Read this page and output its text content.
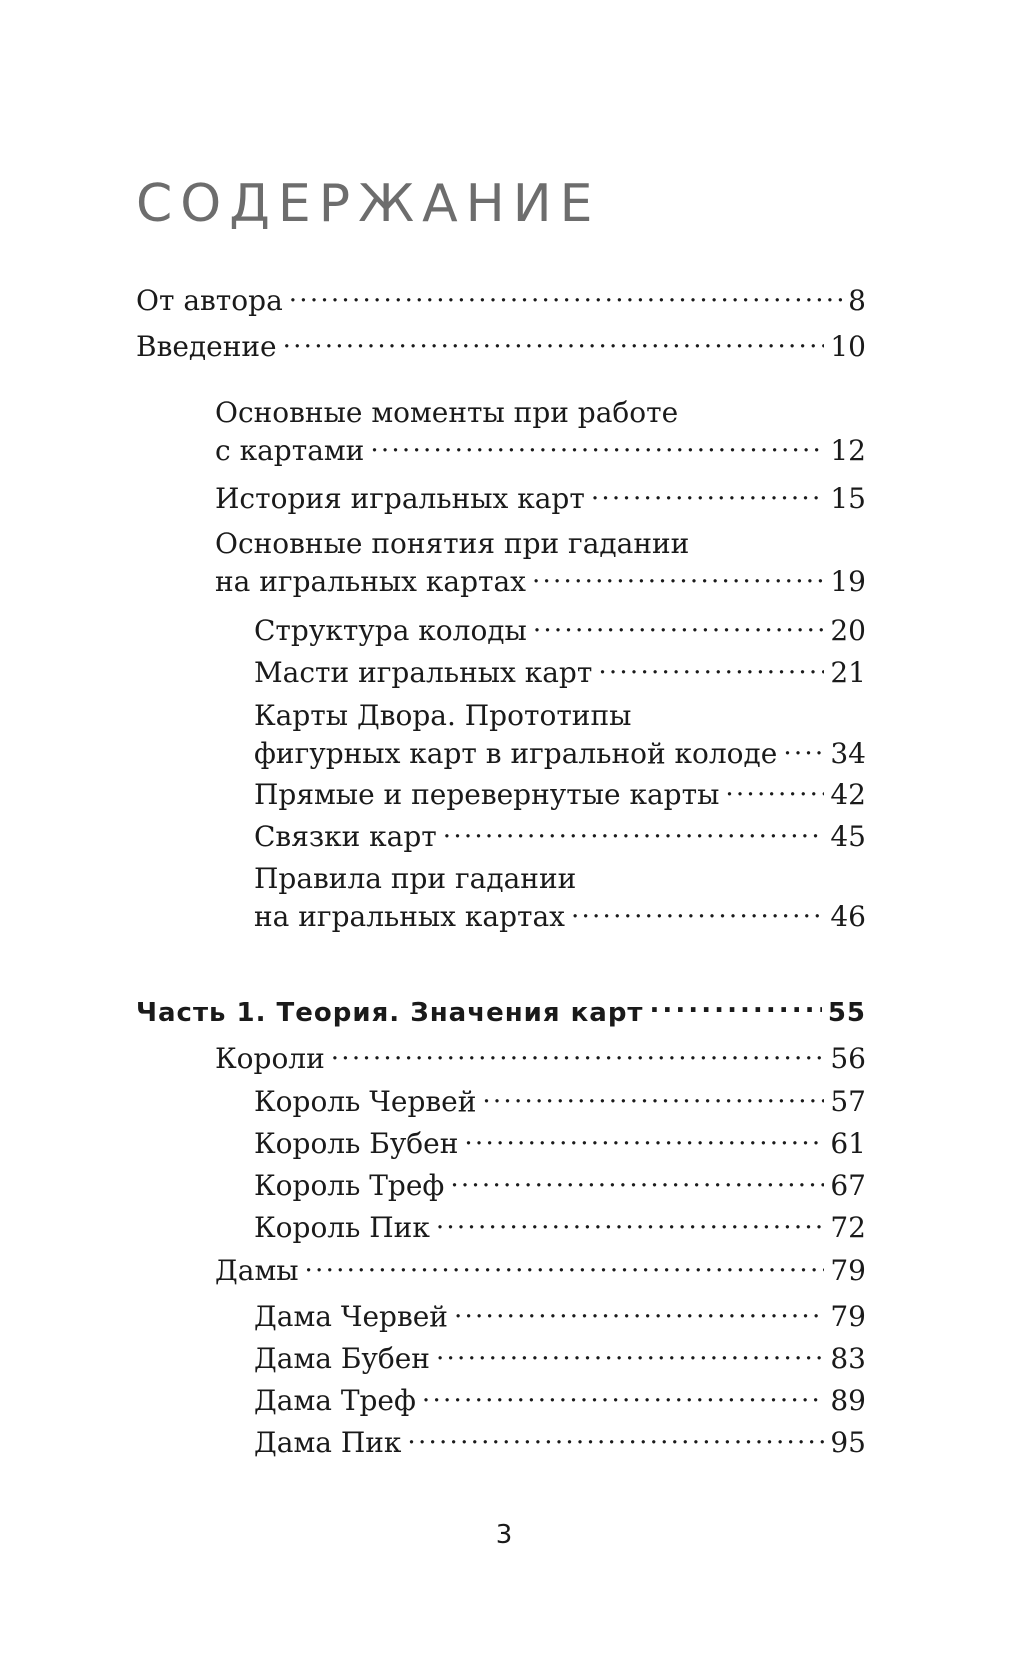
СОДЕРЖАНИЕ
От автора . . .	8
Введение . . .	10
Основные моменты при работе
с картами . . .	12
История игральных карт . . .	15
Основные понятия при гадании
на игральных картах . . .	19
Структура колоды . . .	20
Масти игральных карт . . .	21
Карты Двора. Прототипы
фигурных карт в игральной колоде . . . 34
Прямые и перевернутые карты . . .	42
Связки карт . . .	45
Правила при гадании
на игральных картах . . .	46
Часть 1. Теория. Значения карт . . .	55
Короли . . .	56
Король Червей . . .	57
Король Бубен . . .	61
Король Треф . . .	67
Король Пик . . .	72
Дамы . . .	79
Дама Червей . . .	79
Дама Бубен . . .	83
Дама Треф . . .	89
Дама Пик . . .	95
3
